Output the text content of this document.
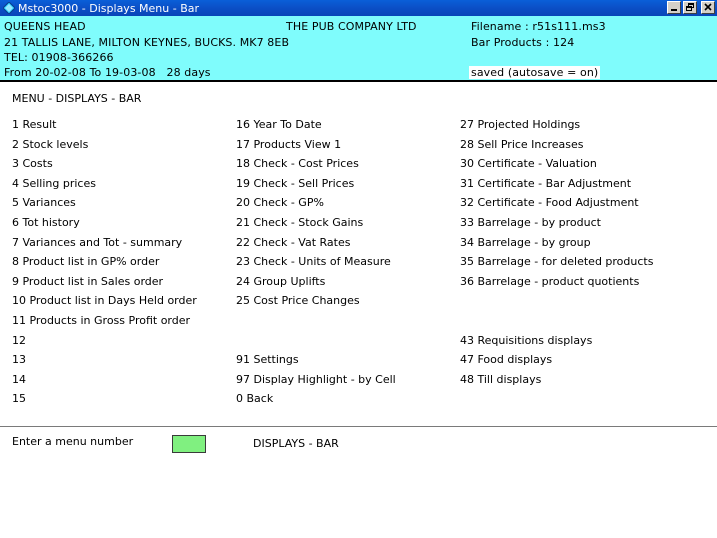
Mstoc3000 - Displays Menu - Bar
QUEENS HEAD	THE PUB COMPANY LTD	Filename : r51s111.ms3
21 TALLIS LANE, MILTON KEYNES, BUCKS. MK7 8EB	Bar Products : 124
TEL: 01908-366266
From 20-02-08 To 19-03-08   28 days	saved (autosave = on)
MENU - DISPLAYS - BAR
1 Result
2 Stock levels
3 Costs
4 Selling prices
5 Variances
6 Tot history
7 Variances and Tot - summary
8 Product list in GP% order
9 Product list in Sales order
10 Product list in Days Held order
11 Products in Gross Profit order
12
13
14
15
16 Year To Date
17 Products View 1
18 Check - Cost Prices
19 Check - Sell Prices
20 Check - GP%
21 Check - Stock Gains
22 Check - Vat Rates
23 Check - Units of Measure
24 Group Uplifts
25 Cost Price Changes
91 Settings
97 Display Highlight - by Cell
0 Back
27 Projected Holdings
28 Sell Price Increases
30 Certificate - Valuation
31 Certificate - Bar Adjustment
32 Certificate - Food Adjustment
33 Barrelage - by product
34 Barrelage - by group
35 Barrelage - for deleted products
36 Barrelage - product quotients
43 Requisitions displays
47 Food displays
48 Till displays
Enter a menu number	DISPLAYS - BAR
